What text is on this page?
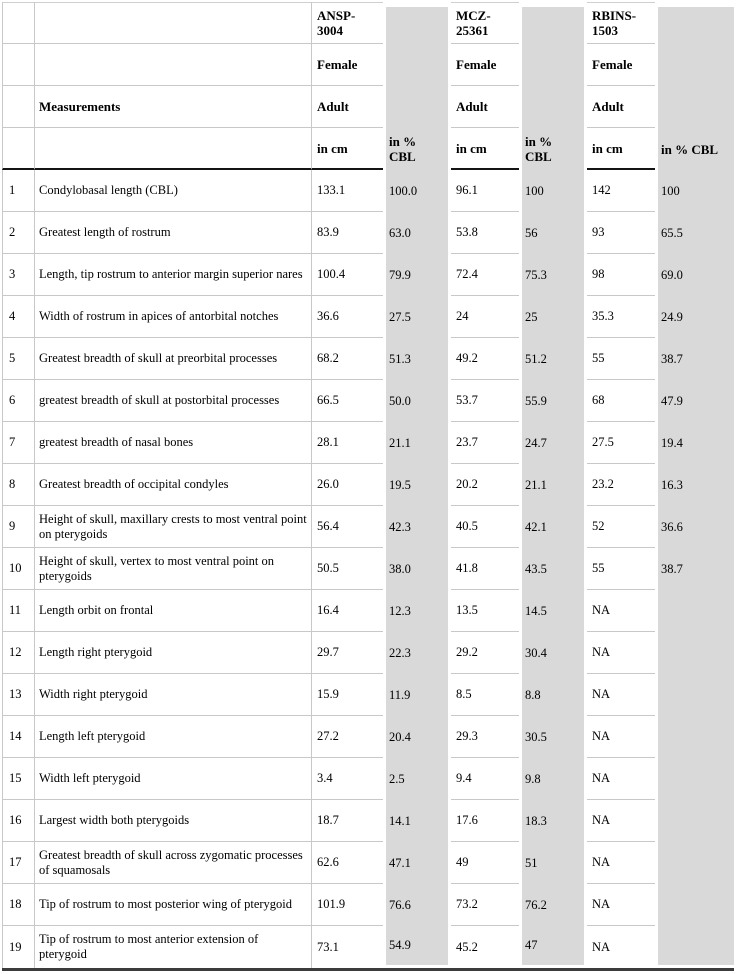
		ANSP-3004		MCZ-25361		RBINS-1503	
		Female		Female		Female	
	Measurements	Adult		Adult		Adult	
		in cm	in % CBL	in cm	in % CBL	in cm	in % CBL
1	Condylobasal length (CBL)	133.1	100.0	96.1	100	142	100
2	Greatest length of rostrum	83.9	63.0	53.8	56	93	65.5
3	Length, tip rostrum to anterior margin superior nares	100.4	79.9	72.4	75.3	98	69.0
4	Width of rostrum in apices of antorbital notches	36.6	27.5	24	25	35.3	24.9
5	Greatest breadth of skull at preorbital processes	68.2	51.3	49.2	51.2	55	38.7
6	greatest breadth of skull at postorbital processes	66.5	50.0	53.7	55.9	68	47.9
7	greatest breadth of nasal bones	28.1	21.1	23.7	24.7	27.5	19.4
8	Greatest breadth of occipital condyles	26.0	19.5	20.2	21.1	23.2	16.3
9	Height of skull, maxillary crests to most ventral point on pterygoids	56.4	42.3	40.5	42.1	52	36.6
10	Height of skull, vertex to most ventral point on pterygoids	50.5	38.0	41.8	43.5	55	38.7
11	Length orbit on frontal	16.4	12.3	13.5	14.5	NA	
12	Length right pterygoid	29.7	22.3	29.2	30.4	NA	
13	Width right pterygoid	15.9	11.9	8.5	8.8	NA	
14	Length left pterygoid	27.2	20.4	29.3	30.5	NA	
15	Width left pterygoid	3.4	2.5	9.4	9.8	NA	
16	Largest width both pterygoids	18.7	14.1	17.6	18.3	NA	
17	Greatest breadth of skull across zygomatic processes of squamosals	62.6	47.1	49	51	NA	
18	Tip of rostrum to most posterior wing of pterygoid	101.9	76.6	73.2	76.2	NA	
19	Tip of rostrum to most anterior extension of pterygoid	73.1	54.9	45.2	47	NA	
